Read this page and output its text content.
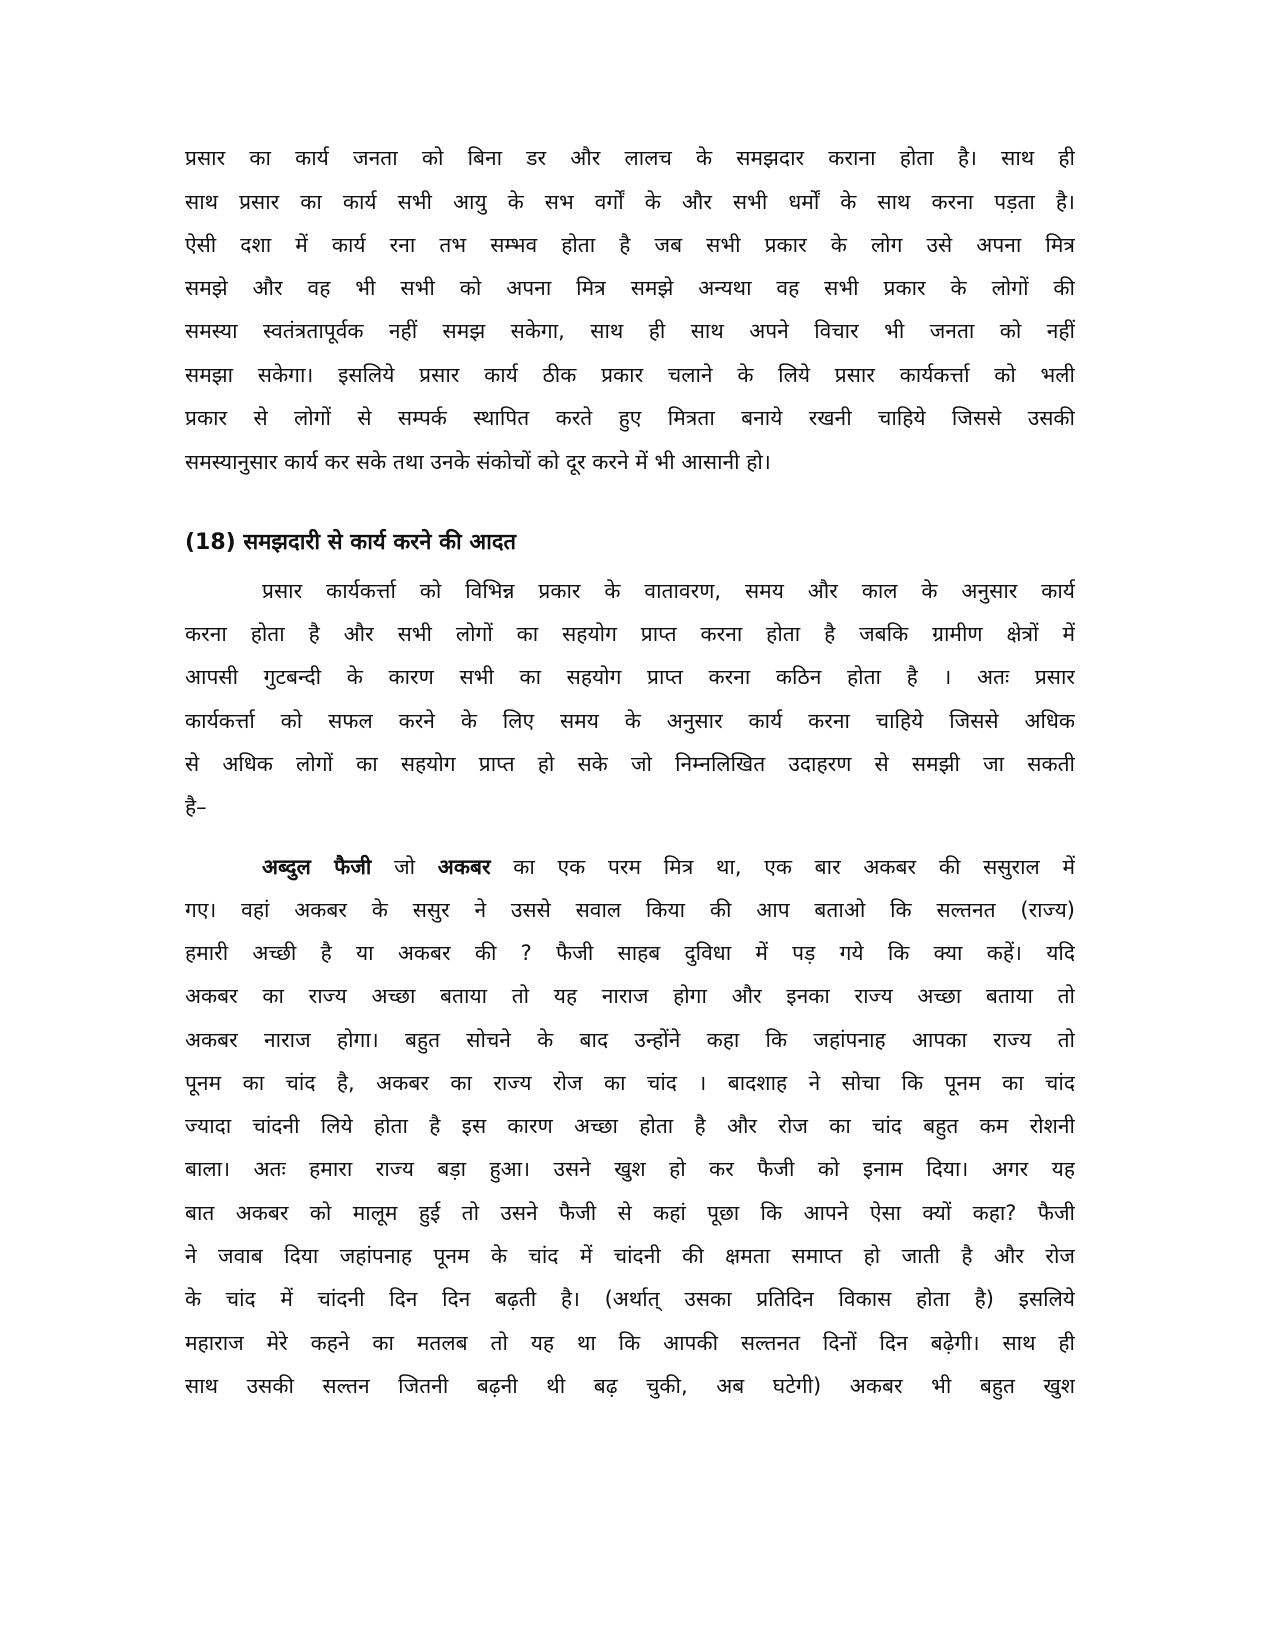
प्रसार का कार्य जनता को बिना डर और लालच के समझदार कराना होता है। साथ ही
साथ प्रसार का कार्य सभी आयु के सभ वर्गों के और सभी धर्मों के साथ करना पड़ता है।
ऐसी दशा में कार्य रना तभ सम्भव होता है जब सभी प्रकार के लोग उसे अपना मित्र
समझे और वह भी सभी को अपना मित्र समझे अन्यथा वह सभी प्रकार के लोगों की
समस्या स्वतंत्रतापूर्वक नहीं समझ सकेगा, साथ ही साथ अपने विचार भी जनता को नहीं
समझा सकेगा। इसलिये प्रसार कार्य ठीक प्रकार चलाने के लिये प्रसार कार्यकर्त्ता को भली
प्रकार से लोगों से सम्पर्क स्थापित करते हुए मित्रता बनाये रखनी चाहिये जिससे उसकी
समस्यानुसार कार्य कर सके तथा उनके संकोचों को दूर करने में भी आसानी हो।
(18) समझदारी से कार्य करने की आदत
प्रसार कार्यकर्त्ता को विभिन्न प्रकार के वातावरण, समय और काल के अनुसार कार्य
करना होता है और सभी लोगों का सहयोग प्राप्त करना होता है जबकि ग्रामीण क्षेत्रों में
आपसी गुटबन्दी के कारण सभी का सहयोग प्राप्त करना कठिन होता है । अतः प्रसार
कार्यकर्त्ता को सफल करने के लिए समय के अनुसार कार्य करना चाहिये जिससे अधिक
से अधिक लोगों का सहयोग प्राप्त हो सके जो निम्नलिखित उदाहरण से समझी जा सकती
है–
अब्दुल फैजी जो अकबर का एक परम मित्र था, एक बार अकबर की ससुराल में
गए। वहां अकबर के ससुर ने उससे सवाल किया की आप बताओ कि सल्तनत (राज्य)
हमारी अच्छी है या अकबर की ? फैजी साहब दुविधा में पड़ गये कि क्या कहें। यदि
अकबर का राज्य अच्छा बताया तो यह नाराज होगा और इनका राज्य अच्छा बताया तो
अकबर नाराज होगा। बहुत सोचने के बाद उन्होंने कहा कि जहांपनाह आपका राज्य तो
पूनम का चांद है, अकबर का राज्य रोज का चांद । बादशाह ने सोचा कि पूनम का चांद
ज्यादा चांदनी लिये होता है इस कारण अच्छा होता है और रोज का चांद बहुत कम रोशनी
बाला। अतः हमारा राज्य बड़ा हुआ। उसने खुश हो कर फैजी को इनाम दिया। अगर यह
बात अकबर को मालूम हुई तो उसने फैजी से कहां पूछा कि आपने ऐसा क्यों कहा? फैजी
ने जवाब दिया जहांपनाह पूनम के चांद में चांदनी की क्षमता समाप्त हो जाती है और रोज
के चांद में चांदनी दिन दिन बढ़ती है। (अर्थात् उसका प्रतिदिन विकास होता है) इसलिये
महाराज मेरे कहने का मतलब तो यह था कि आपकी सल्तनत दिनों दिन बढ़ेगी। साथ ही
साथ उसकी सल्तन जितनी बढ़नी थी बढ़ चुकी, अब घटेगी) अकबर भी बहुत खुश
